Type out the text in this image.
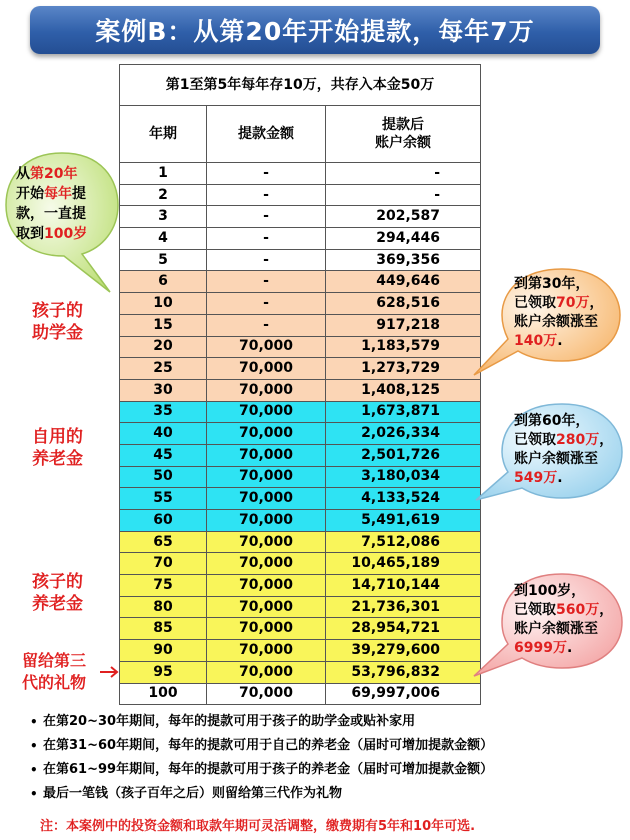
案例B：从第20年开始提款，每年7万
第1至第5年每年存10万，共存入本金50万		
年期	提款金额	提款后
账户余额
1	-	-
2	-	-
3	-	202,587
4	-	294,446
5	-	369,356
6	-	449,646
10	-	628,516
15	-	917,218
20	70,000	1,183,579
25	70,000	1,273,729
30	70,000	1,408,125
35	70,000	1,673,871
40	70,000	2,026,334
45	70,000	2,501,726
50	70,000	3,180,034
55	70,000	4,133,524
60	70,000	5,491,619
65	70,000	7,512,086
70	70,000	10,465,189
75	70,000	14,710,144
80	70,000	21,736,301
85	70,000	28,954,721
90	70,000	39,279,600
95	70,000	53,796,832
100	70,000	69,997,006
从第20年
开始每年提
款，一直提
取到100岁
孩子的
助学金
自用的
养老金
孩子的
养老金
留给第三
代的礼物
到第30年，
已领取70万，
账户余额涨至
140万.
到第60年，
已领取280万，
账户余额涨至
549万.
到100岁，
已领取560万，
账户余额涨至
6999万.
• 在第20~30年期间，每年的提款可用于孩子的助学金或贴补家用
• 在第31~60年期间，每年的提款可用于自己的养老金（届时可增加提款金额）
• 在第61~99年期间，每年的提款可用于孩子的养老金（届时可增加提款金额）
• 最后一笔钱（孩子百年之后）则留给第三代作为礼物
注：本案例中的投资金额和取款年期可灵活调整，缴费期有5年和10年可选.
